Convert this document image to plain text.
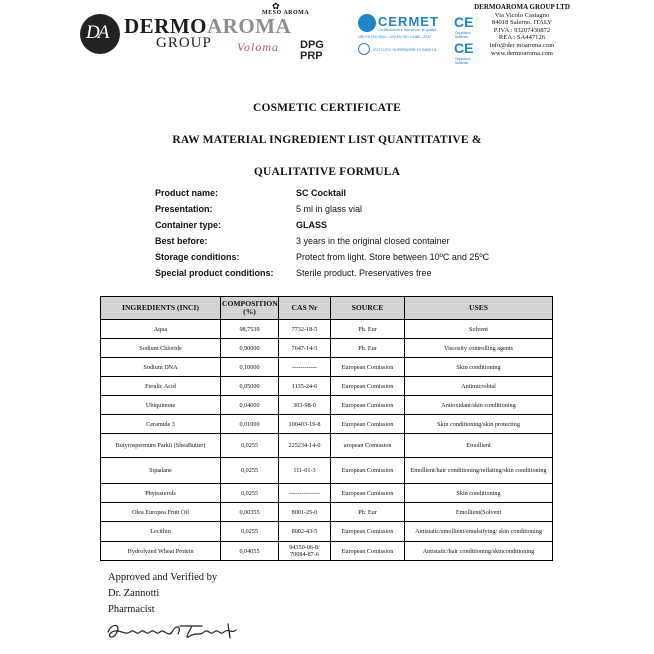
DA DERMOAROMA
GROUP
✿
MESO AROMA
Voloma DPG
PRP
CERMET
Certificazione e ricerca per la qualità
UNI EN ISO 9001 - UNI EN ISO 13485 - 2012
ISTITUTO SUPERIORE DI SANITÀ
CE
Organismo
Notificato
CE
Organismo
Notificato
DERMOAROMA GROUP LTD
Via Vicolo Castagno
84018 Salerno. ITALY
P.IVA : 93207430872
REA : SA447126
info@der moaroma.com
www.dermoaroma.com
COSMETIC CERTIFICATE
RAW MATERIAL INGREDIENT LIST QUANTITATIVE &
QUALITATIVE FORMULA
Product name:	SC Cocktail
Presentation:	5 ml in glass vial
Container type:	GLASS
Best before:	3 years in the original closed container
Storage conditions:	Protect from light. Store between 10ºC and 25ºC
Special product conditions: Sterile product. Preservatives free
INGREDIENTS (INCI)	COMPOSITION (%)	CAS Nr	SOURCE	USES
Aqua	98,7539	7732-18-5	Ph. Eur	Solvent
Sodium Chloride	0,90000	7647-14-5	Ph. Eur	Viscosity controlling agents
Sodium DNA	0,10000	------------	European Comission	Skin conditioning
Ferulic Acid	0,05000	1135-24-6	European Comission	Antimicrobial
Ubiquinone	0,04000	303-98-0	European Comission	Antioxidant/skin conditioning
Ceramide 3	0,01000	100403-19-8	European Comission	Skin conditioning/skin protecting
Butyrospermum Parkii (SheaButter)	0,0255	225234-14-0	uropean Comission	Emollient
Squalane	0,0255	111-01-3	European Comission	Emollient/hair conditioning/reflating/skin conditioning
Phytosterols	0,0255	---------------	European Comission	Skin conditioning
Olea Europea Fruit Oil	0,00355	8001-25-0	Ph. Eur	Emollient(Solvent
Lecithin	0,0255	8002-43-5	European Comission	Antistatic/emollient/emulsifying/ skin conditioning
Hydrolyzed Wheat Protein	0,04055	94350-06-8/ 70084-87-6	European Comission	Antistatic/hair conditioning/skinconditioning
Approved and Verified by
Dr. Zannotti
Pharmacist
